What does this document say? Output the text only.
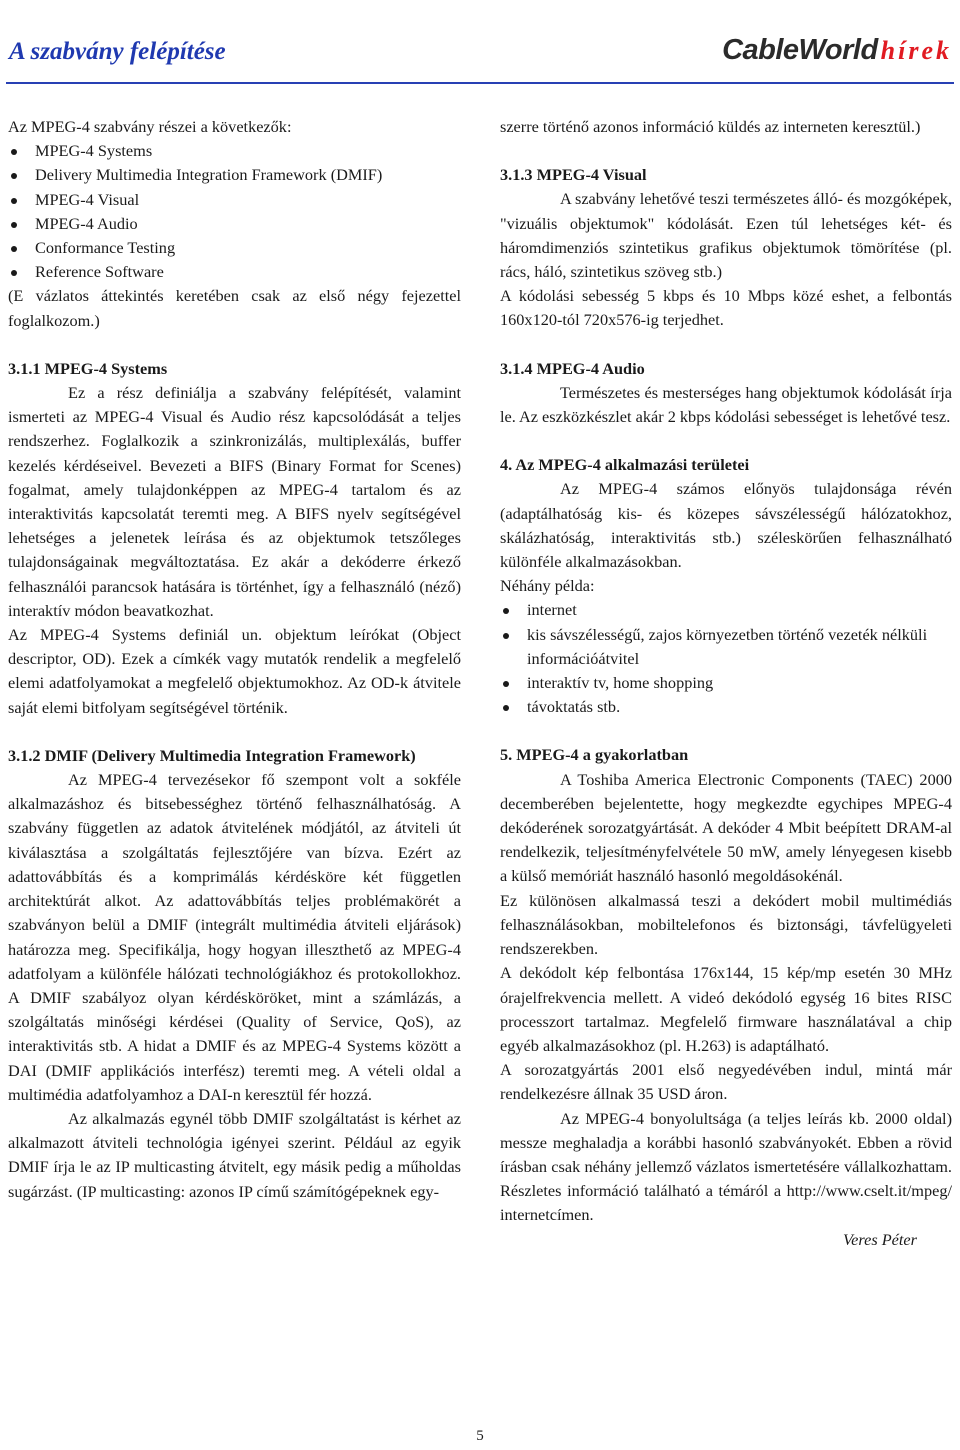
A szabvány felépítése	CableWorld hírek

Az MPEG-4 szabvány részei a következők:

MPEG-4 Systems
Delivery Multimedia Integration Framework (DMIF)
MPEG-4 Visual
MPEG-4 Audio
Conformance Testing
Reference Software

(E vázlatos áttekintés keretében csak az első négy fejezettel foglalkozom.)

3.1.1 MPEG-4 Systems

Ez a rész definiálja a szabvány felépítését, valamint ismerteti az MPEG-4 Visual és Audio rész kapcsolódását a teljes rendszerhez. Foglalkozik a szinkronizálás, multiplexálás, buffer kezelés kérdéseivel. Bevezeti a BIFS (Binary Format for Scenes) fogalmat, amely tulajdonképpen az MPEG-4 tartalom és az interaktivitás kapcsolatát teremti meg. A BIFS nyelv segítségével lehetséges a jelenetek leírása és az objektumok tetszőleges tulajdonságainak megváltoztatása. Ez akár a dekóderre érkező felhasználói parancsok hatására is történhet, így a felhasználó (néző) interaktív módon beavatkozhat.

Az MPEG-4 Systems definiál un. objektum leírókat (Object descriptor, OD). Ezek a címkék vagy mutatók rendelik a megfelelő elemi adatfolyamokat a megfelelő objektumokhoz. Az OD-k átvitele saját elemi bitfolyam segítségével történik.

3.1.2 DMIF (Delivery Multimedia Integration Framework)

Az MPEG-4 tervezésekor fő szempont volt a sokféle alkalmazáshoz és bitsebességhez történő felhasználhatóság. A szabvány független az adatok átvitelének módjától, az átviteli út kiválasztása a szolgáltatás fejlesztőjére van bízva. Ezért az adattovábbítás és a komprimálás kérdésköre két független architektúrát alkot. Az adattovábbítás teljes problémakörét a szabványon belül a DMIF (integrált multimédia átviteli eljárások) határozza meg. Specifikálja, hogy hogyan illeszthető az MPEG-4 adatfolyam a különféle hálózati technológiákhoz és protokollokhoz. A DMIF szabályoz olyan kérdésköröket, mint a számlázás, a szolgáltatás minőségi kérdései (Quality of Service, QoS), az interaktivitás stb. A hidat a DMIF és az MPEG-4 Systems között a DAI (DMIF applikációs interfész) teremti meg. A vételi oldal a multimédia adatfolyamhoz a DAI-n keresztül fér hozzá.

Az alkalmazás egynél több DMIF szolgáltatást is kérhet az alkalmazott átviteli technológia igényei szerint. Például az egyik DMIF írja le az IP multicasting átvitelt, egy másik pedig a műholdas sugárzást. (IP multicasting: azonos IP című számítógépeknek egy-

szerre történő azonos információ küldés az interneten keresztül.)

3.1.3 MPEG-4 Visual

A szabvány lehetővé teszi természetes álló- és mozgóképek, "vizuális objektumok" kódolását. Ezen túl lehetséges két- és háromdimenziós szintetikus grafikus objektumok tömörítése (pl. rács, háló, szintetikus szöveg stb.)

A kódolási sebesség 5 kbps és 10 Mbps közé eshet, a felbontás 160x120-tól 720x576-ig terjedhet.

3.1.4 MPEG-4 Audio

Természetes és mesterséges hang objektumok kódolását írja le. Az eszközkészlet akár 2 kbps kódolási sebességet is lehetővé tesz.

4. Az MPEG-4 alkalmazási területei

Az MPEG-4 számos előnyös tulajdonsága révén (adaptálhatóság kis- és közepes sávszélességű hálózatokhoz, skálázhatóság, interaktivitás stb.) széleskörűen felhasználható különféle alkalmazásokban.

Néhány példa:

internet
kis sávszélességű, zajos környezetben történő vezeték nélküli információátvitel
interaktív tv, home shopping
távoktatás stb.

5. MPEG-4 a gyakorlatban

A Toshiba America Electronic Components (TAEC) 2000 decemberében bejelentette, hogy megkezdte egychipes MPEG-4 dekóderének sorozatgyártását. A dekóder 4 Mbit beépített DRAM-al rendelkezik, teljesítményfelvétele 50 mW, amely lényegesen kisebb a külső memóriát használó hasonló megoldásokénál.

Ez különösen alkalmassá teszi a dekódert mobil multimédiás felhasználásokban, mobiltelefonos és biztonsági, távfelügyeleti rendszerekben.

A dekódolt kép felbontása 176x144, 15 kép/mp esetén 30 MHz órajelfrekvencia mellett. A videó dekódoló egység 16 bites RISC processzort tartalmaz. Megfelelő firmware használatával a chip egyéb alkalmazásokhoz (pl. H.263) is adaptálható.

A sorozatgyártás 2001 első negyedévében indul, mintá már rendelkezésre állnak 35 USD áron.

Az MPEG-4 bonyolultsága (a teljes leírás kb. 2000 oldal) messze meghaladja a korábbi hasonló szabványokét. Ebben a rövid írásban csak néhány jellemző vázlatos ismertetésére vállalkozhattam. Részletes információ található a témáról a http://www.cselt.it/mpeg/ internetcímen.

Veres Péter

5
